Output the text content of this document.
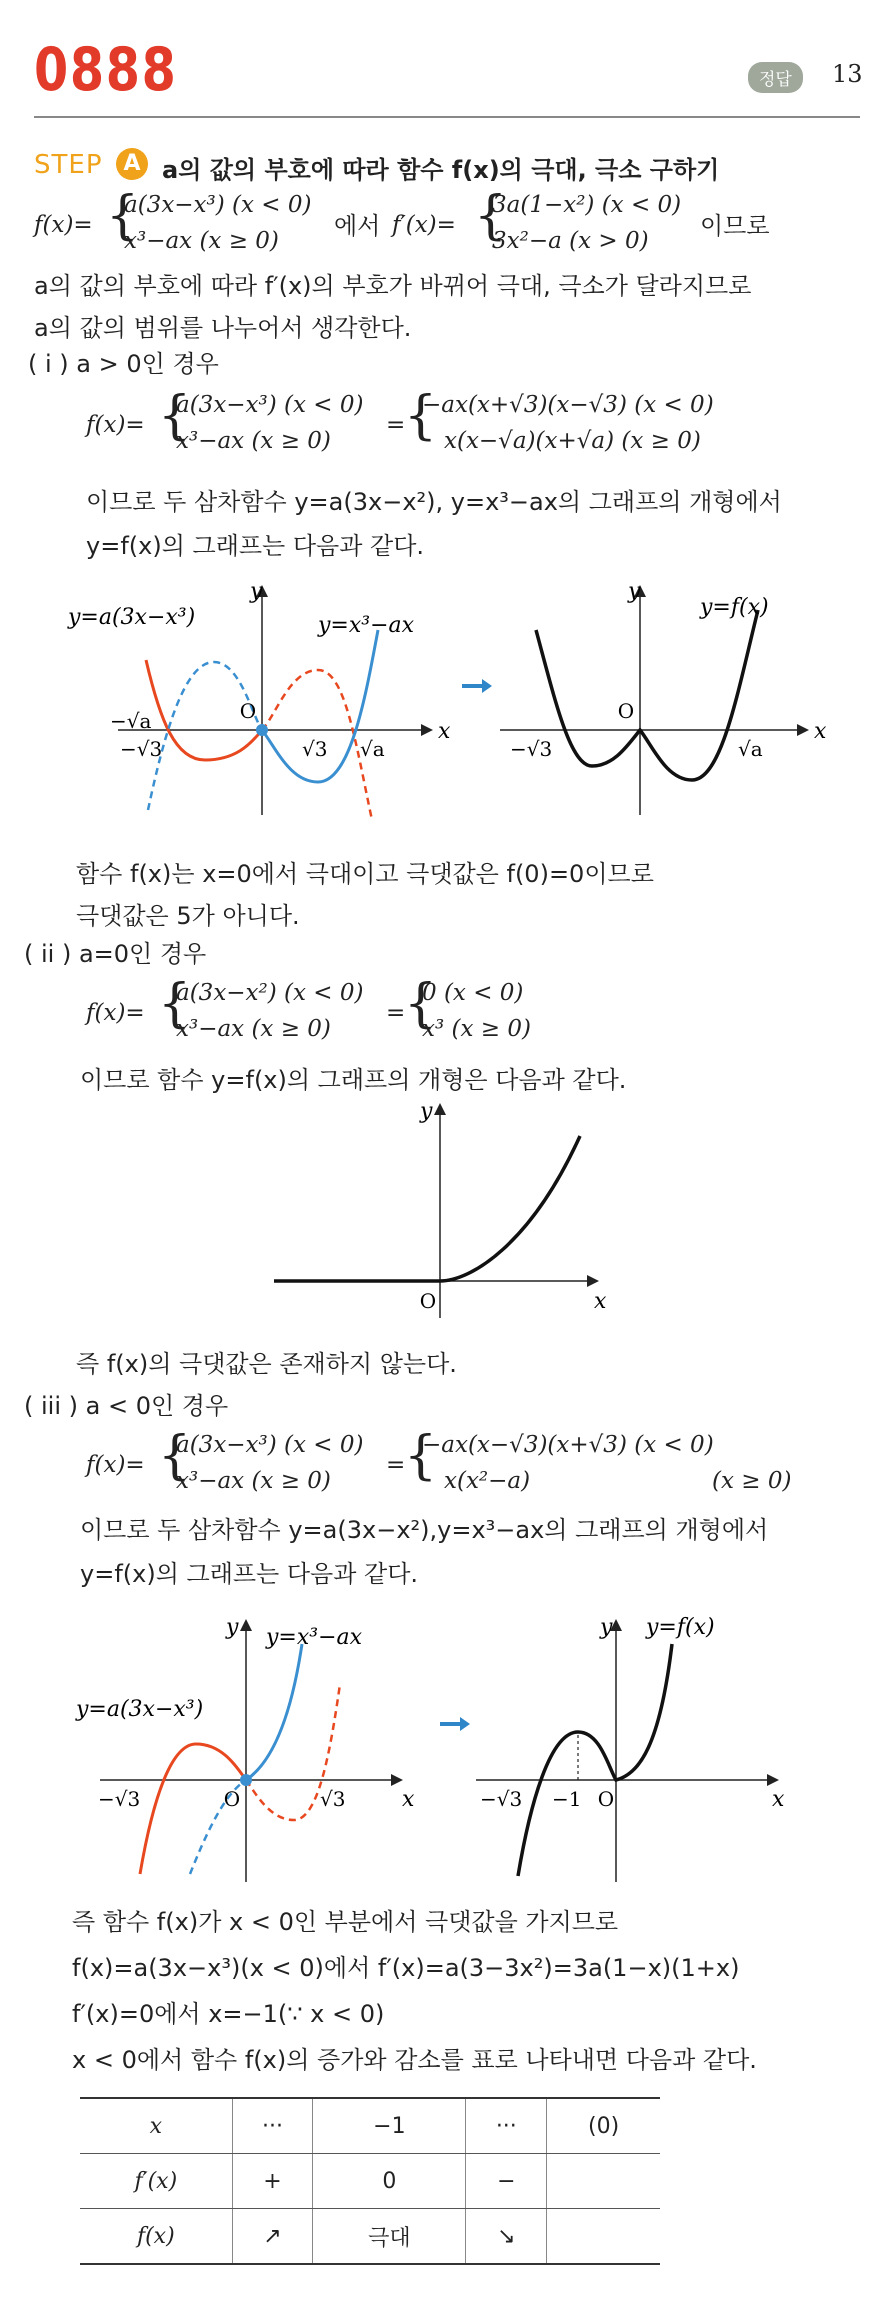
0888	정답	13
STEP A a의 값의 부호에 따라 함수 f(x)의 극대, 극소 구하기
f(x)= {
a(3x−x³) (x < 0)
x³−ax (x ≥ 0)
에서 f′(x)= {
3a(1−x²) (x < 0)
3x²−a (x > 0)
이므로
a의 값의 부호에 따라 f′(x)의 부호가 바뀌어 극대, 극소가 달라지므로
a의 값의 범위를 나누어서 생각한다.
( i ) a > 0인 경우
f(x)= {
a(3x−x³) (x < 0)
x³−ax (x ≥ 0)
=
{
−ax(x+√3)(x−√3) (x < 0)
x(x−√a)(x+√a) (x ≥ 0)
이므로 두 삼차함수 y=a(3x−x²), y=x³−ax의 그래프의 개형에서
y=f(x)의 그래프는 다음과 같다.
O
x
y
−√a
−√3	√3 √a
y=a(3x−x³)	y=x³−ax
O
x
y
−√3	√a
y=f(x)
함수 f(x)는 x=0에서 극대이고 극댓값은 f(0)=0이므로
극댓값은 5가 아니다.
( ii ) a=0인 경우
f(x)= {
a(3x−x²) (x < 0)
x³−ax (x ≥ 0)
=
{
0 (x < 0)
x³ (x ≥ 0)
이므로 함수 y=f(x)의 그래프의 개형은 다음과 같다.
O	x
y
즉 f(x)의 극댓값은 존재하지 않는다.
( iii ) a < 0인 경우
f(x)= {
a(3x−x³) (x < 0)
x³−ax (x ≥ 0)
=
{
−ax(x−√3)(x+√3) (x < 0)
x(x²−a)	(x ≥ 0)
이므로 두 삼차함수 y=a(3x−x²),y=x³−ax의 그래프의 개형에서
y=f(x)의 그래프는 다음과 같다.
O	x
y
−√3	√3
y=a(3x−x³)
y=x³−ax
O	x
y
−√3 −1
y=f(x)
즉 함수 f(x)가 x < 0인 부분에서 극댓값을 가지므로
f(x)=a(3x−x³)(x < 0)에서 f′(x)=a(3−3x²)=3a(1−x)(1+x)
f′(x)=0에서 x=−1(∵ x < 0)
x < 0에서 함수 f(x)의 증가와 감소를 표로 나타내면 다음과 같다.
x	···	−1	···	(0)
f′(x)	+	0	−	
f(x)	↗	극대	↘	
